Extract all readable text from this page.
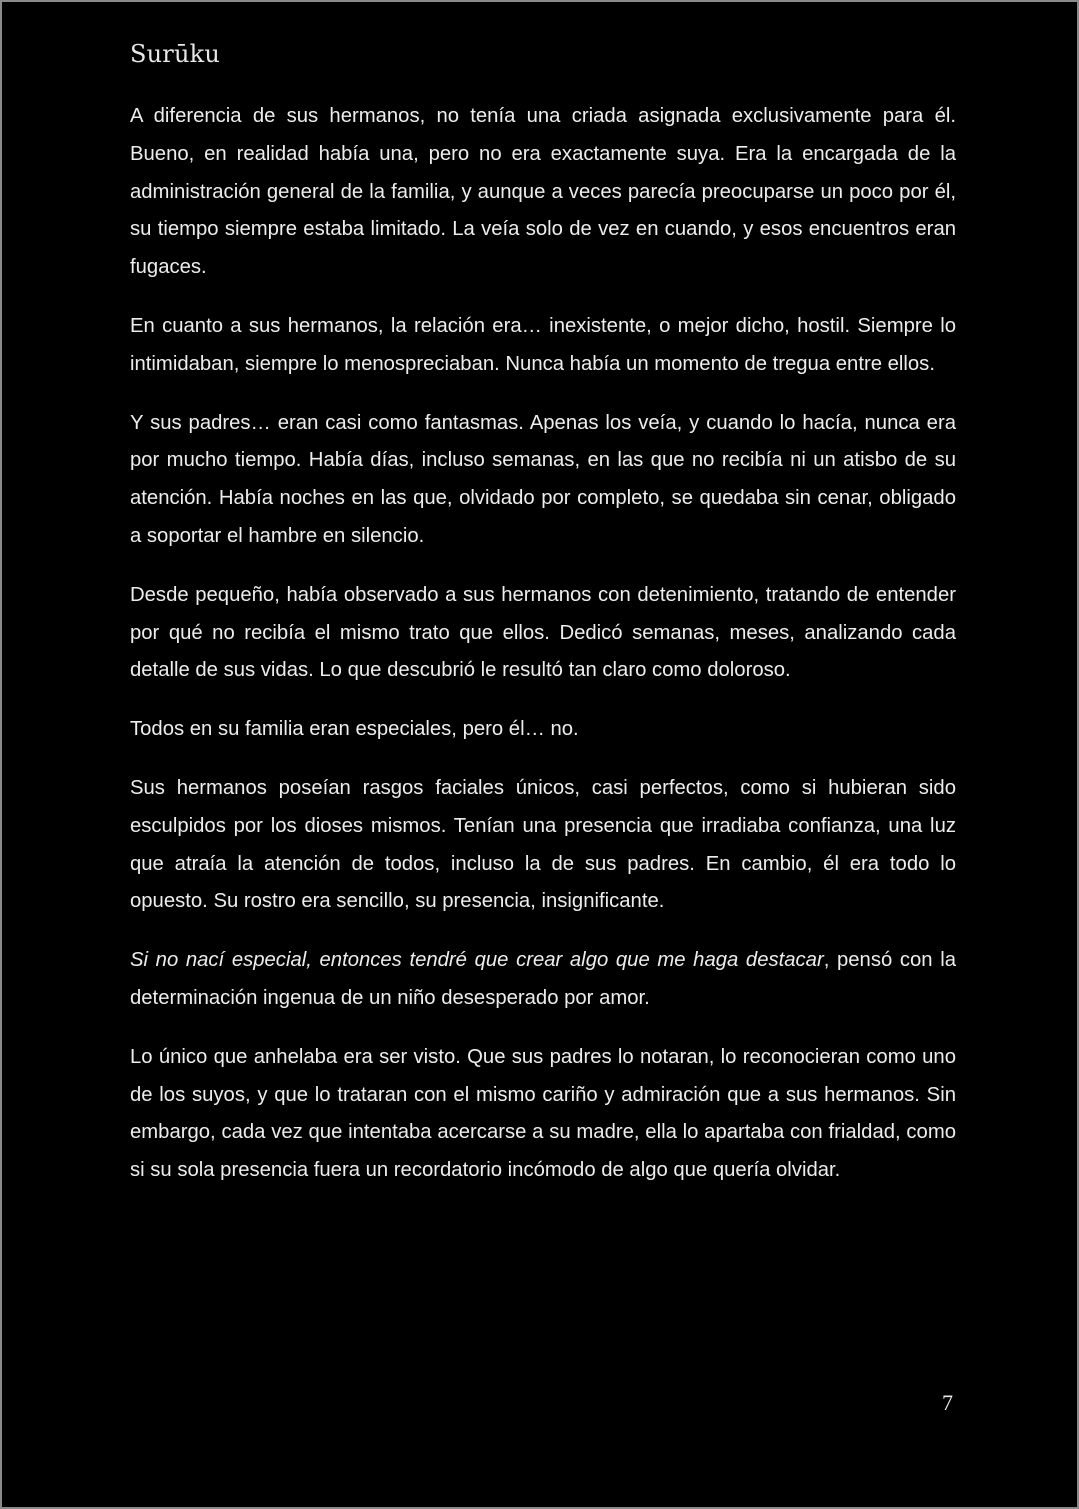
Surūku

A diferencia de sus hermanos, no tenía una criada asignada exclusivamente para él. Bueno, en realidad había una, pero no era exactamente suya. Era la encargada de la administración general de la familia, y aunque a veces parecía preocuparse un poco por él, su tiempo siempre estaba limitado. La veía solo de vez en cuando, y esos encuentros eran fugaces.

En cuanto a sus hermanos, la relación era… inexistente, o mejor dicho, hostil. Siempre lo intimidaban, siempre lo menospreciaban. Nunca había un momento de tregua entre ellos.

Y sus padres… eran casi como fantasmas. Apenas los veía, y cuando lo hacía, nunca era por mucho tiempo. Había días, incluso semanas, en las que no recibía ni un atisbo de su atención. Había noches en las que, olvidado por completo, se quedaba sin cenar, obligado a soportar el hambre en silencio.

Desde pequeño, había observado a sus hermanos con detenimiento, tratando de entender por qué no recibía el mismo trato que ellos. Dedicó semanas, meses, analizando cada detalle de sus vidas. Lo que descubrió le resultó tan claro como doloroso.

Todos en su familia eran especiales, pero él… no.

Sus hermanos poseían rasgos faciales únicos, casi perfectos, como si hubieran sido esculpidos por los dioses mismos. Tenían una presencia que irradiaba confianza, una luz que atraía la atención de todos, incluso la de sus padres. En cambio, él era todo lo opuesto. Su rostro era sencillo, su presencia, insignificante.

Si no nací especial, entonces tendré que crear algo que me haga destacar, pensó con la determinación ingenua de un niño desesperado por amor.

Lo único que anhelaba era ser visto. Que sus padres lo notaran, lo reconocieran como uno de los suyos, y que lo trataran con el mismo cariño y admiración que a sus hermanos. Sin embargo, cada vez que intentaba acercarse a su madre, ella lo apartaba con frialdad, como si su sola presencia fuera un recordatorio incómodo de algo que quería olvidar.

7
